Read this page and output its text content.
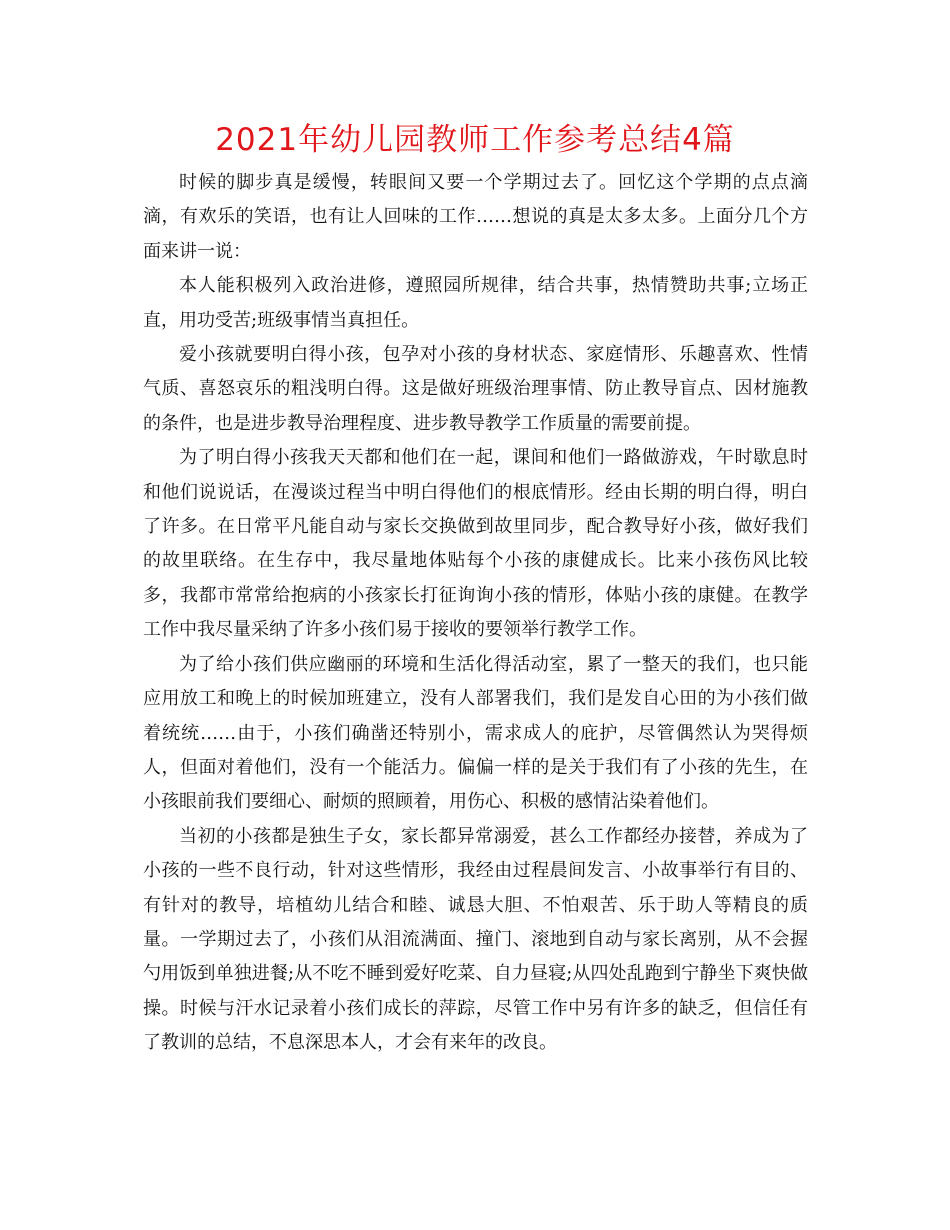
2021年幼儿园教师工作参考总结4篇

时候的脚步真是缓慢，转眼间又要一个学期过去了。回忆这个学期的点点滴滴，有欢乐的笑语，也有让人回味的工作……想说的真是太多太多。上面分几个方面来讲一说：

本人能积极列入政治进修，遵照园所规律，结合共事，热情赞助共事;立场正直，用功受苦;班级事情当真担任。

爱小孩就要明白得小孩，包孕对小孩的身材状态、家庭情形、乐趣喜欢、性情气质、喜怒哀乐的粗浅明白得。这是做好班级治理事情、防止教导盲点、因材施教的条件，也是进步教导治理程度、进步教导教学工作质量的需要前提。

为了明白得小孩我天天都和他们在一起，课间和他们一路做游戏，午时歇息时和他们说说话，在漫谈过程当中明白得他们的根底情形。经由长期的明白得，明白了许多。在日常平凡能自动与家长交换做到故里同步，配合教导好小孩，做好我们的故里联络。在生存中，我尽量地体贴每个小孩的康健成长。比来小孩伤风比较多，我都市常常给抱病的小孩家长打征询询小孩的情形，体贴小孩的康健。在教学工作中我尽量采纳了许多小孩们易于接收的要领举行教学工作。

为了给小孩们供应幽丽的环境和生活化得活动室，累了一整天的我们，也只能应用放工和晚上的时候加班建立，没有人部署我们，我们是发自心田的为小孩们做着统统……由于，小孩们确凿还特别小，需求成人的庇护，尽管偶然认为哭得烦人，但面对着他们，没有一个能活力。偏偏一样的是关于我们有了小孩的先生，在小孩眼前我们要细心、耐烦的照顾着，用伤心、积极的感情沾染着他们。

当初的小孩都是独生子女，家长都异常溺爱，甚么工作都经办接替，养成为了小孩的一些不良行动，针对这些情形，我经由过程晨间发言、小故事举行有目的、有针对的教导，培植幼儿结合和睦、诚恳大胆、不怕艰苦、乐于助人等精良的质量。一学期过去了，小孩们从泪流满面、撞门、滚地到自动与家长离别，从不会握勺用饭到单独进餐;从不吃不睡到爱好吃菜、自力昼寝;从四处乱跑到宁静坐下爽快做操。时候与汗水记录着小孩们成长的萍踪，尽管工作中另有许多的缺乏，但信任有了教训的总结，不息深思本人，才会有来年的改良。
